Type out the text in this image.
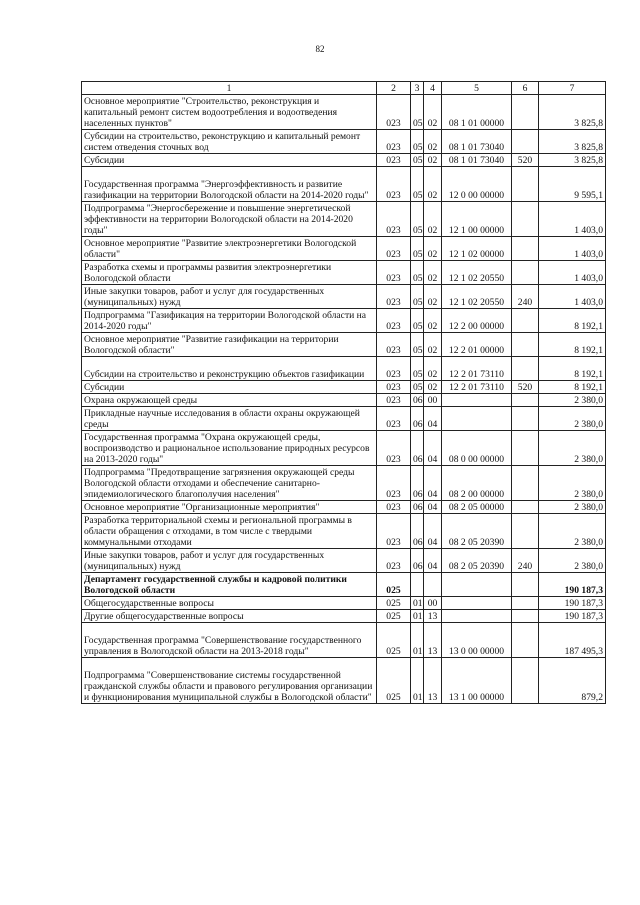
82
1	2	3	4	5	6	7
Основное мероприятие "Строительство, реконструкция и капитальный ремонт систем водоотребления и водоотведения населенных пунктов"	023	05	02	08 1 01 00000		3 825,8
Субсидии на строительство, реконструкцию и капитальный ремонт систем отведения сточных вод	023	05	02	08 1 01 73040		3 825,8
Субсидии	023	05	02	08 1 01 73040	520	3 825,8
Государственная программа "Энергоэффективность и развитие газификации на территории Вологодской области на 2014-2020 годы"	023	05	02	12 0 00 00000		9 595,1
Подпрограмма "Энергосбережение и повышение энергетической эффективности на территории Вологодской области на 2014-2020 годы"	023	05	02	12 1 00 00000		1 403,0
Основное мероприятие "Развитие электроэнергетики Вологодской области"	023	05	02	12 1 02 00000		1 403,0
Разработка схемы и программы развития электроэнергетики Вологодской области	023	05	02	12 1 02 20550		1 403,0
Иные закупки товаров, работ и услуг для государственных (муниципальных) нужд	023	05	02	12 1 02 20550	240	1 403,0
Подпрограмма "Газификация на территории Вологодской области на 2014-2020 годы"	023	05	02	12 2 00 00000		8 192,1
Основное мероприятие "Развитие газификации на территории Вологодской области"	023	05	02	12 2 01 00000		8 192,1
Субсидии на строительство и реконструкцию объектов газификации	023	05	02	12 2 01 73110		8 192,1
Субсидии	023	05	02	12 2 01 73110	520	8 192,1
Охрана окружающей среды	023	06	00			2 380,0
Прикладные научные исследования в области охраны окружающей среды	023	06	04			2 380,0
Государственная программа "Охрана окружающей среды, воспроизводство и рациональное использование природных ресурсов на 2013-2020 годы"	023	06	04	08 0 00 00000		2 380,0
Подпрограмма "Предотвращение загрязнения окружающей среды Вологодской области отходами и обеспечение санитарно-эпидемиологического благополучия населения"	023	06	04	08 2 00 00000		2 380,0
Основное мероприятие "Организационные мероприятия"	023	06	04	08 2 05 00000		2 380,0
Разработка территориальной схемы и региональной программы в области обращения с отходами, в том числе с твердыми коммунальными отходами	023	06	04	08 2 05 20390		2 380,0
Иные закупки товаров, работ и услуг для государственных (муниципальных) нужд	023	06	04	08 2 05 20390	240	2 380,0
Департамент государственной службы и кадровой политики Вологодской области	025					190 187,3
Общегосударственные вопросы	025	01	00			190 187,3
Другие общегосударственные вопросы	025	01	13			190 187,3
Государственная программа "Совершенствование государственного управления в Вологодской области на 2013-2018 годы"	025	01	13	13 0 00 00000		187 495,3
Подпрограмма "Совершенствование системы государственной гражданской службы области и правового регулирования организации и функционирования муниципальной службы в Вологодской области"	025	01	13	13 1 00 00000		879,2
